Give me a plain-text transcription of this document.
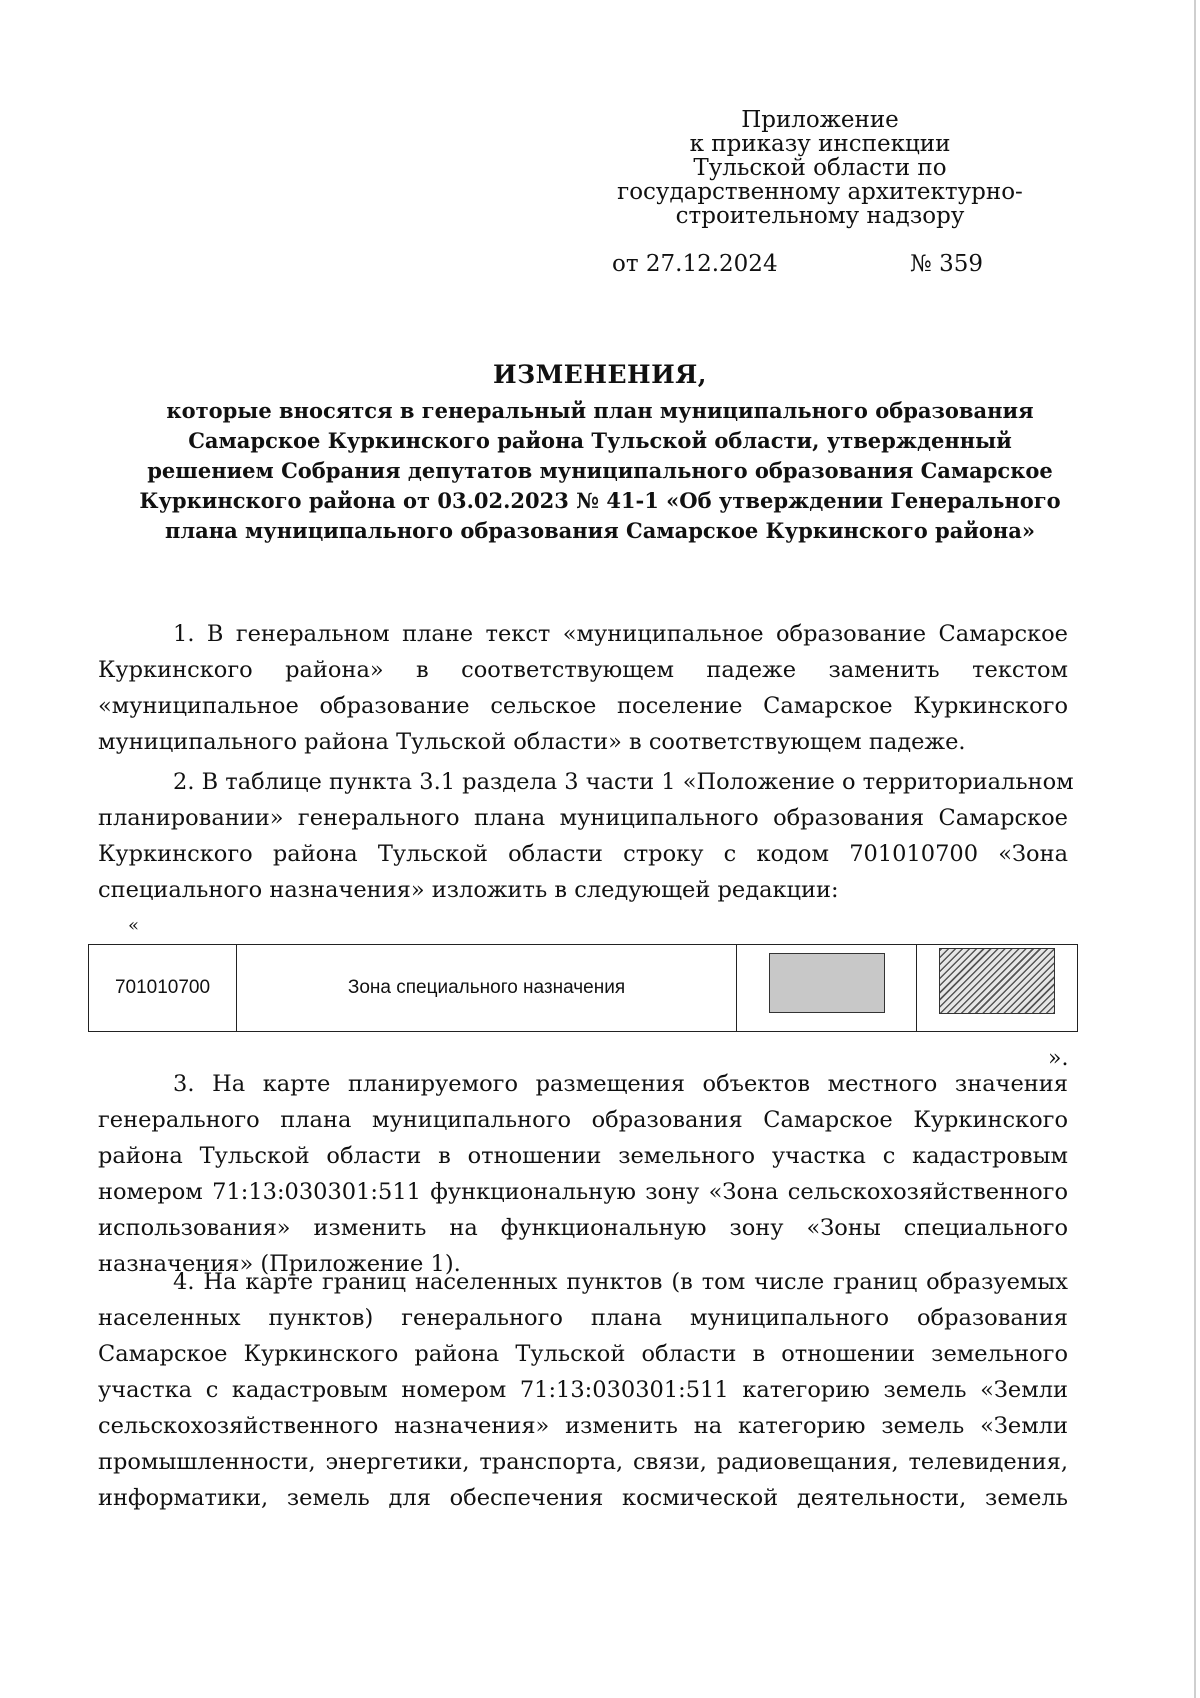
Приложение
к приказу инспекции
Тульской области по
государственному архитектурно-
строительному надзору
от 27.12.2024	№ 359
ИЗМЕНЕНИЯ,
которые вносятся в генеральный план муниципального образования
Самарское Куркинского района Тульской области, утвержденный
решением Собрания депутатов муниципального образования Самарское
Куркинского района от 03.02.2023 № 41-1 «Об утверждении Генерального
плана муниципального образования Самарское Куркинского района»
1. В генеральном плане текст «муниципальное образование Самарское
Куркинского района» в соответствующем падеже заменить текстом
«муниципальное образование сельское поселение Самарское Куркинского
муниципального района Тульской области» в соответствующем падеже.
2. В таблице пункта 3.1 раздела 3 части 1 «Положение о территориальном
планировании» генерального плана муниципального образования Самарское
Куркинского района Тульской области строку с кодом 701010700 «Зона
специального назначения» изложить в следующей редакции:
«
701010700	Зона специального назначения
».
3. На карте планируемого размещения объектов местного значения
генерального плана муниципального образования Самарское Куркинского
района Тульской области в отношении земельного участка с кадастровым
номером 71:13:030301:511 функциональную зону «Зона сельскохозяйственного
использования» изменить на функциональную зону «Зоны специального
назначения» (Приложение 1).
4. На карте границ населенных пунктов (в том числе границ образуемых
населенных пунктов) генерального плана муниципального образования
Самарское Куркинского района Тульской области в отношении земельного
участка с кадастровым номером 71:13:030301:511 категорию земель «Земли
сельскохозяйственного назначения» изменить на категорию земель «Земли
промышленности, энергетики, транспорта, связи, радиовещания, телевидения,
информатики, земель для обеспечения космической деятельности, земель
